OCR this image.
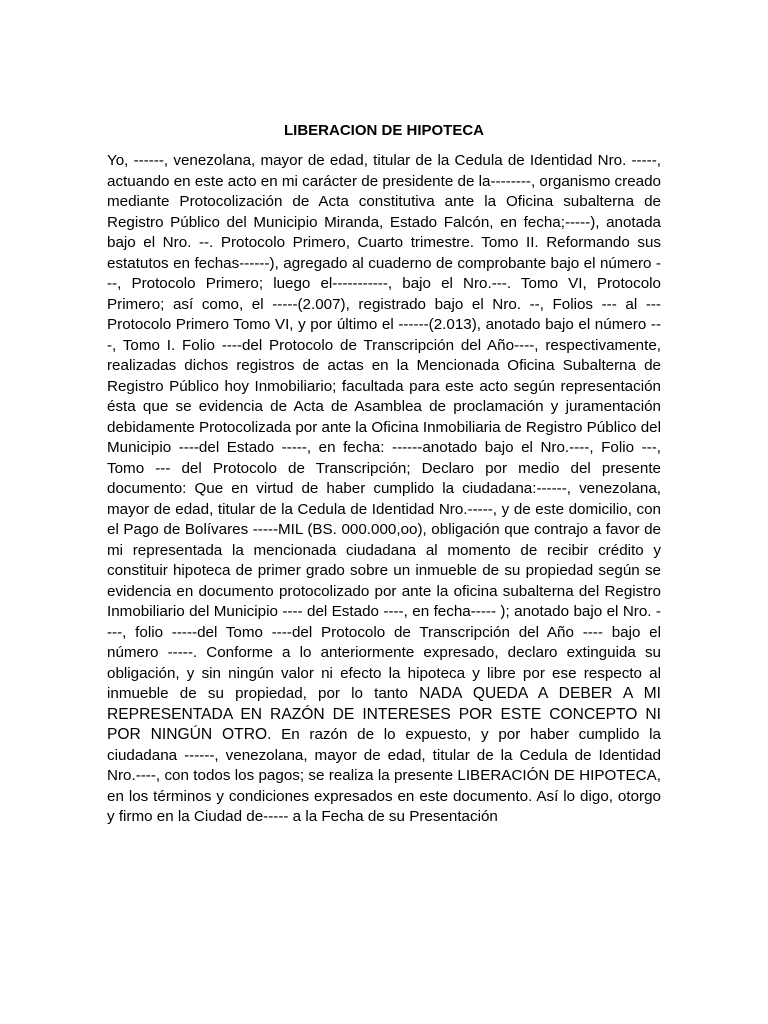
LIBERACION DE HIPOTECA

Yo, ------, venezolana, mayor de edad, titular de la Cedula de Identidad Nro. -----, actuando en este acto en mi carácter de presidente de la--------, organismo creado mediante Protocolización de Acta constitutiva ante la Oficina subalterna de Registro Público del Municipio Miranda, Estado Falcón, en fecha;-----), anotada bajo el Nro. --. Protocolo Primero, Cuarto trimestre. Tomo II. Reformando sus estatutos en fechas------), agregado al cuaderno de comprobante bajo el número ---, Protocolo Primero; luego el-----------, bajo el Nro.---. Tomo VI, Protocolo Primero; así como, el -----(2.007), registrado bajo el Nro. --, Folios --- al --- Protocolo Primero Tomo VI, y por último el ------(2.013), anotado bajo el número ---, Tomo I. Folio ----del Protocolo de Transcripción del Año----, respectivamente, realizadas dichos registros de actas en la Mencionada Oficina Subalterna de Registro Público hoy Inmobiliario; facultada para este acto según representación ésta que se evidencia de Acta de Asamblea de proclamación y juramentación debidamente Protocolizada por ante la Oficina Inmobiliaria de Registro Público del Municipio ----del Estado -----, en fecha: ------anotado bajo el Nro.----, Folio ---, Tomo --- del Protocolo de Transcripción; Declaro por medio del presente documento: Que en virtud de haber cumplido la ciudadana:------, venezolana, mayor de edad, titular de la Cedula de Identidad Nro.-----, y de este domicilio, con el Pago de Bolívares -----MIL (BS. 000.000,oo), obligación que contrajo a favor de mi representada la mencionada ciudadana al momento de recibir crédito y constituir hipoteca de primer grado sobre un inmueble de su propiedad según se evidencia en documento protocolizado por ante la oficina subalterna del Registro Inmobiliario del Municipio ---- del Estado ----, en fecha----- ); anotado bajo el Nro. ----, folio -----del Tomo ----del Protocolo de Transcripción del Año ---- bajo el número -----. Conforme a lo anteriormente expresado, declaro extinguida su obligación, y sin ningún valor ni efecto la hipoteca y libre por ese respecto al inmueble de su propiedad, por lo tanto NADA QUEDA A DEBER A MI REPRESENTADA EN RAZÓN DE INTERESES POR ESTE CONCEPTO NI POR NINGÚN OTRO. En razón de lo expuesto, y por haber cumplido la ciudadana ------, venezolana, mayor de edad, titular de la Cedula de Identidad Nro.----, con todos los pagos; se realiza la presente LIBERACIÓN DE HIPOTECA, en los términos y condiciones expresados en este documento. Así lo digo, otorgo y firmo en la Ciudad de----- a la Fecha de su Presentación
